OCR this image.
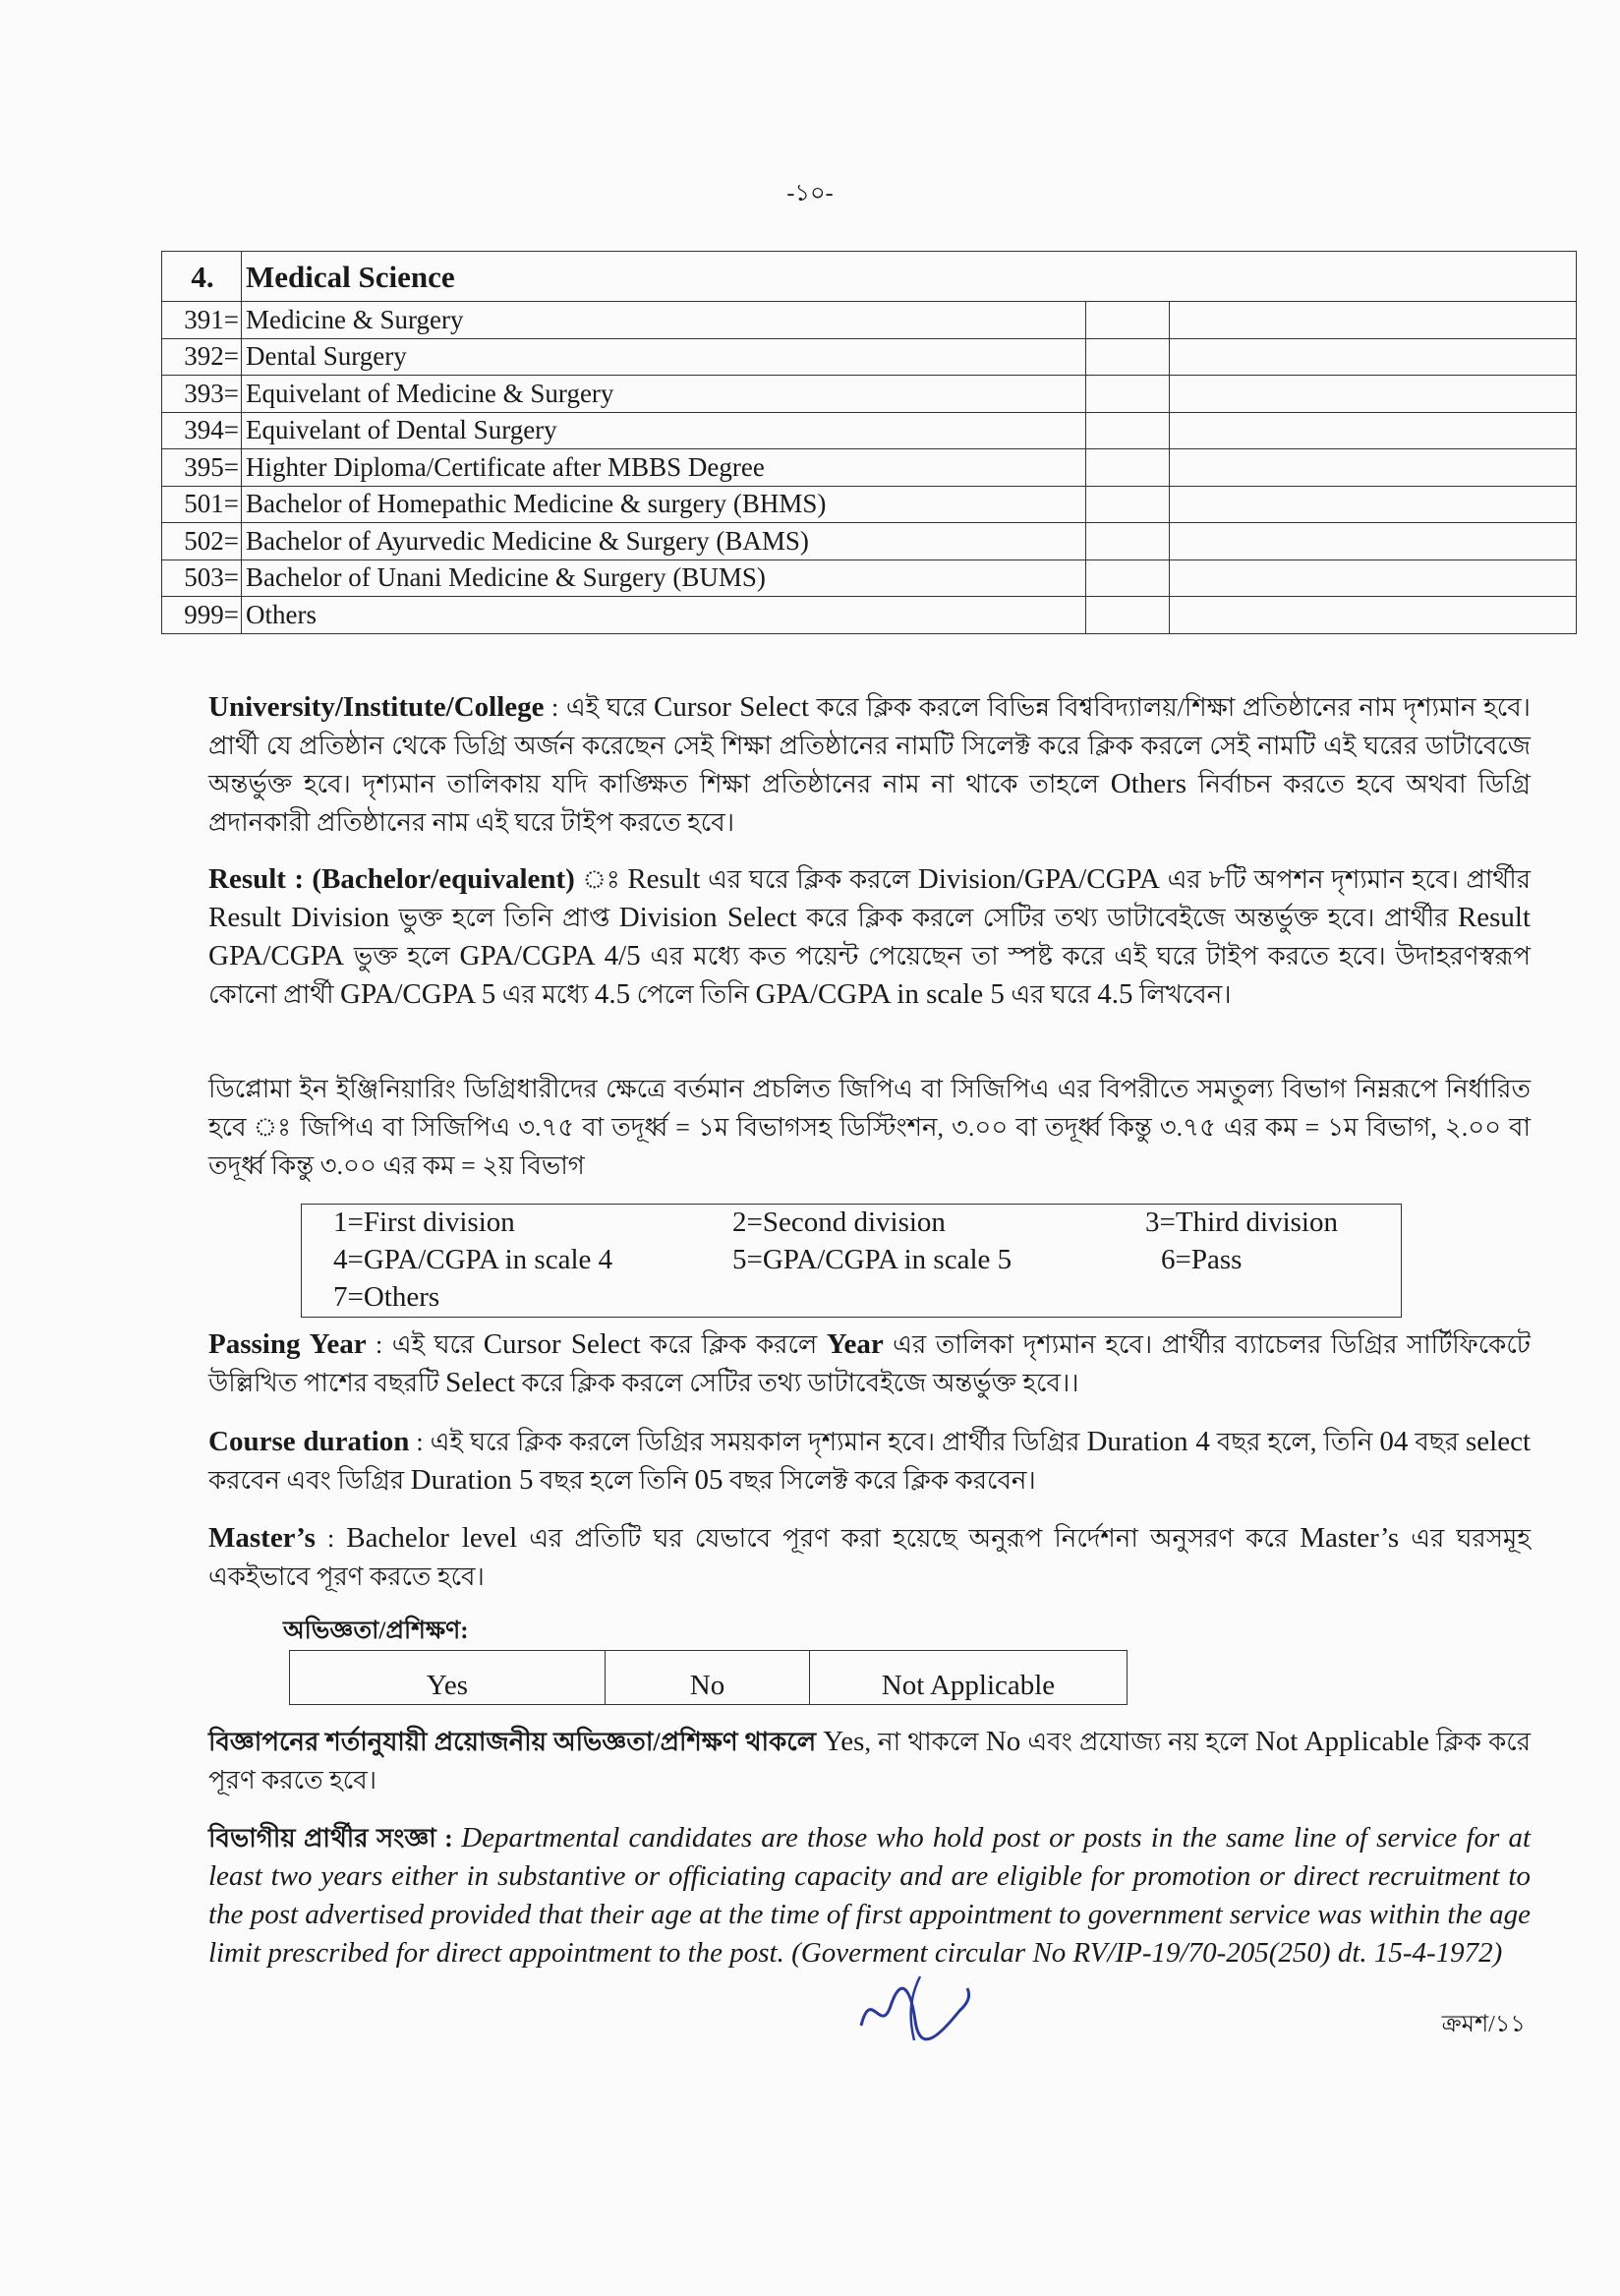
-১০-
4.	Medical Science		
391=	Medicine & Surgery		
392=	Dental Surgery		
393=	Equivelant of Medicine & Surgery		
394=	Equivelant of Dental Surgery		
395=	Highter Diploma/Certificate after MBBS Degree		
501=	Bachelor of Homepathic Medicine & surgery (BHMS)		
502=	Bachelor of Ayurvedic Medicine & Surgery (BAMS)		
503=	Bachelor of Unani Medicine & Surgery (BUMS)		
999=	Others		
University/Institute/College : এই ঘরে Cursor Select করে ক্লিক করলে বিভিন্ন বিশ্ববিদ্যালয়/শিক্ষা প্রতিষ্ঠানের নাম দৃশ্যমান হবে। প্রার্থী যে প্রতিষ্ঠান থেকে ডিগ্রি অর্জন করেছেন সেই শিক্ষা প্রতিষ্ঠানের নামটি সিলেক্ট করে ক্লিক করলে সেই নামটি এই ঘরের ডাটাবেজে অন্তর্ভুক্ত হবে। দৃশ্যমান তালিকায় যদি কাঙ্ক্ষিত শিক্ষা প্রতিষ্ঠানের নাম না থাকে তাহলে Others নির্বাচন করতে হবে অথবা ডিগ্রি প্রদানকারী প্রতিষ্ঠানের নাম এই ঘরে টাইপ করতে হবে।
Result : (Bachelor/equivalent) ঃ Result এর ঘরে ক্লিক করলে Division/GPA/CGPA এর ৮টি অপশন দৃশ্যমান হবে। প্রার্থীর Result Division ভুক্ত হলে তিনি প্রাপ্ত Division Select করে ক্লিক করলে সেটির তথ্য ডাটাবেইজে অন্তর্ভুক্ত হবে। প্রার্থীর Result GPA/CGPA ভুক্ত হলে GPA/CGPA 4/5 এর মধ্যে কত পয়েন্ট পেয়েছেন তা স্পষ্ট করে এই ঘরে টাইপ করতে হবে। উদাহরণস্বরূপ কোনো প্রার্থী GPA/CGPA 5 এর মধ্যে 4.5 পেলে তিনি GPA/CGPA in scale 5 এর ঘরে 4.5 লিখবেন।
ডিপ্লোমা ইন ইঞ্জিনিয়ারিং ডিগ্রিধারীদের ক্ষেত্রে বর্তমান প্রচলিত জিপিএ বা সিজিপিএ এর বিপরীতে সমতুল্য বিভাগ নিম্নরূপে নির্ধারিত হবে ঃ জিপিএ বা সিজিপিএ ৩.৭৫ বা তদূর্ধ্ব = ১ম বিভাগসহ ডিস্টিংশন, ৩.০০ বা তদূর্ধ্ব কিন্তু ৩.৭৫ এর কম = ১ম বিভাগ, ২.০০ বা তদূর্ধ্ব কিন্তু ৩.০০ এর কম = ২য় বিভাগ
1=First division	2=Second division	3=Third division
4=GPA/CGPA in scale 4	5=GPA/CGPA in scale 5	6=Pass
7=Others
Passing Year : এই ঘরে Cursor Select করে ক্লিক করলে Year এর তালিকা দৃশ্যমান হবে। প্রার্থীর ব্যাচেলর ডিগ্রির সার্টিফিকেটে উল্লিখিত পাশের বছরটি Select করে ক্লিক করলে সেটির তথ্য ডাটাবেইজে অন্তর্ভুক্ত হবে।।
Course duration : এই ঘরে ক্লিক করলে ডিগ্রির সময়কাল দৃশ্যমান হবে। প্রার্থীর ডিগ্রির Duration 4 বছর হলে, তিনি 04 বছর select করবেন এবং ডিগ্রির Duration 5 বছর হলে তিনি 05 বছর সিলেক্ট করে ক্লিক করবেন।
Master’s : Bachelor level এর প্রতিটি ঘর যেভাবে পূরণ করা হয়েছে অনুরূপ নির্দেশনা অনুসরণ করে Master’s এর ঘরসমূহ একইভাবে পূরণ করতে হবে।
অভিজ্ঞতা/প্রশিক্ষণ:
Yes	No	Not Applicable
বিজ্ঞাপনের শর্তানুযায়ী প্রয়োজনীয় অভিজ্ঞতা/প্রশিক্ষণ থাকলে Yes, না থাকলে No এবং প্রযোজ্য নয় হলে Not Applicable ক্লিক করে পূরণ করতে হবে।
বিভাগীয় প্রার্থীর সংজ্ঞা : Departmental candidates are those who hold post or posts in the same line of service for at least two years either in substantive or officiating capacity and are eligible for promotion or direct recruitment to the post advertised provided that their age at the time of first appointment to government service was within the age limit prescribed for direct appointment to the post. (Goverment circular No RV/IP-19/70-205(250) dt. 15-4-1972)
ক্রমশ/১১
